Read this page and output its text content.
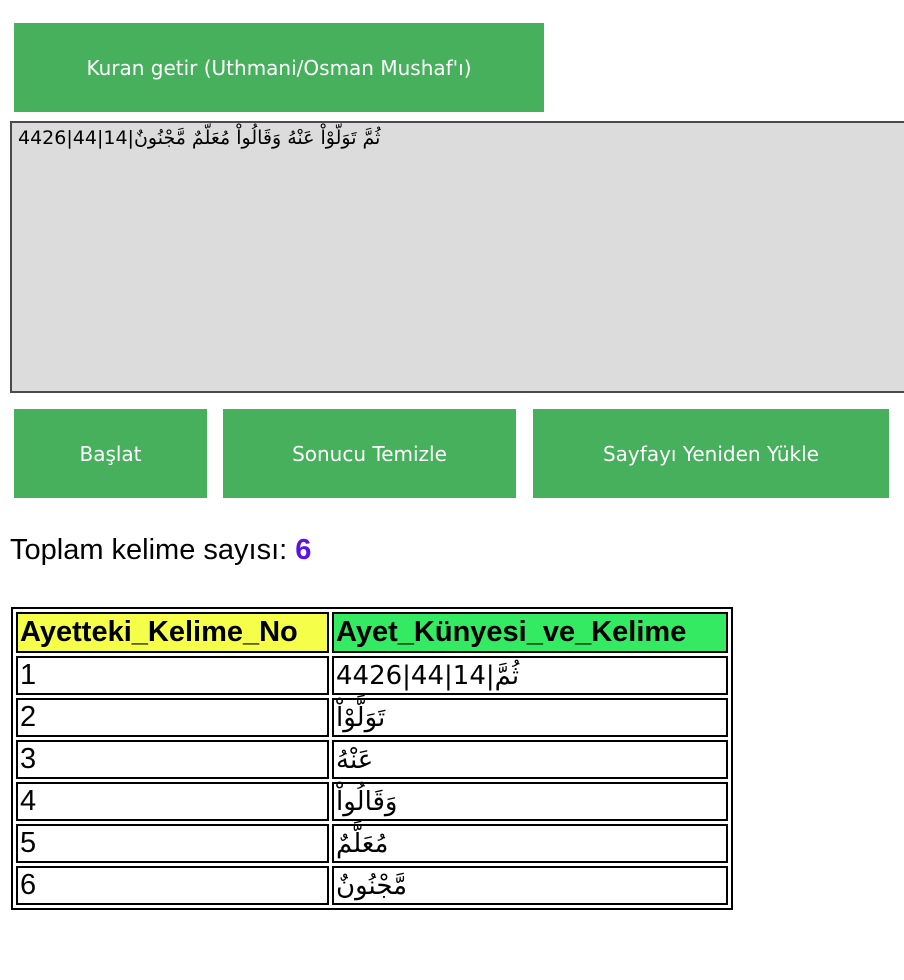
Kuran getir (Uthmani/Osman Mushaf'ı)
ثُمَّ تَوَلَّوْاْ عَنْهُ وَقَالُواْ مُعَلَّمٌ مَّجْنُونٌ|14|44|4426
Başlat	Sonucu Temizle	Sayfayı Yeniden Yükle
Toplam kelime sayısı: 6
Ayetteki_Kelime_No	Ayet_Künyesi_ve_Kelime
1	4426|44|14|ثُمَّ
2	تَوَلَّوْاْ
3	عَنْهُ
4	وَقَالُواْ
5	مُعَلَّمٌ
6	مَّجْنُونٌ
